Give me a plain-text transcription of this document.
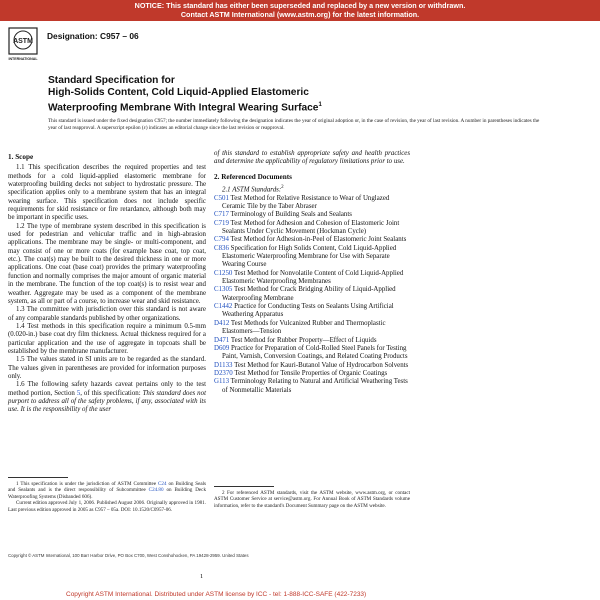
NOTICE: This standard has either been superseded and replaced by a new version or withdrawn.
Contact ASTM International (www.astm.org) for the latest information.
ASTM
INTERNATIONAL
Designation: C957 – 06
Standard Specification for
High-Solids Content, Cold Liquid-Applied Elastomeric
Waterproofing Membrane With Integral Wearing Surface$^1$
This standard is issued under the fixed designation C957; the number immediately following the designation indicates the year of original adoption or, in the case of revision, the year of last revision. A number in parentheses indicates the year of last reapproval. A superscript epsilon (ε) indicates an editorial change since the last revision or reapproval.
1. Scope

1.1 This specification describes the required properties and test methods for a cold liquid-applied elastomeric membrane for waterproofing building decks not subject to hydrostatic pressure. The specification applies only to a membrane system that has an integral wearing surface. This specification does not include specific requirements for skid resistance or fire retardance, although both may be important in specific uses.

1.2 The type of membrane system described in this specification is used for pedestrian and vehicular traffic and in high-abrasion applications. The membrane may be single- or multi-component, and may consist of one or more coats (for example base coat, top coat, etc.). The coat(s) may be built to the desired thickness in one or more applications. One coat (base coat) provides the primary waterproofing function and normally comprises the major amount of organic material in the membrane. The function of the top coat(s) is to resist wear and weather. Aggregate may be used as a component of the membrane system, as all or part of a course, to increase wear and skid resistance.

1.3 The committee with jurisdiction over this standard is not aware of any comparable standards published by other organizations.

1.4 Test methods in this specification require a minimum 0.5-mm (0.020-in.) base coat dry film thickness. Actual thickness required for a particular application and the use of aggregate in topcoats shall be established by the membrane manufacturer.

1.5 The values stated in SI units are to be regarded as the standard. The values given in parentheses are provided for information purposes only.

1.6 The following safety hazards caveat pertains only to the test method portion, Section 5, of this specification: This standard does not purport to address all of the safety problems, if any, associated with its use. It is the responsibility of the user

of this standard to establish appropriate safety and health practices and determine the applicability of regulatory limitations prior to use.

2. Referenced Documents

2.1 ASTM Standards:$^2$

C501 Test Method for Relative Resistance to Wear of Unglazed Ceramic Tile by the Taber Abraser

C717 Terminology of Building Seals and Sealants

C719 Test Method for Adhesion and Cohesion of Elastomeric Joint Sealants Under Cyclic Movement (Hockman Cycle)

C794 Test Method for Adhesion-in-Peel of Elastomeric Joint Sealants

C836 Specification for High Solids Content, Cold Liquid-Applied Elastomeric Waterproofing Membrane for Use with Separate Wearing Course

C1250 Test Method for Nonvolatile Content of Cold Liquid-Applied Elastomeric Waterproofing Membranes

C1305 Test Method for Crack Bridging Ability of Liquid-Applied Waterproofing Membrane

C1442 Practice for Conducting Tests on Sealants Using Artificial Weathering Apparatus

D412 Test Methods for Vulcanized Rubber and Thermoplastic Elastomers—Tension

D471 Test Method for Rubber Property—Effect of Liquids

D609 Practice for Preparation of Cold-Rolled Steel Panels for Testing Paint, Varnish, Conversion Coatings, and Related Coating Products

D1133 Test Method for Kauri-Butanol Value of Hydrocarbon Solvents

D2370 Test Method for Tensile Properties of Organic Coatings

G113 Terminology Relating to Natural and Artificial Weathering Tests of Nonmetallic Materials

1 This specification is under the jurisdiction of ASTM Committee C24 on Building Seals and Sealants and is the direct responsibility of Subcommittee C24.80 on Building Deck Waterproofing Systems (Disbanded 606).

Current edition approved July 1, 2006. Published August 2006. Originally approved in 1981. Last previous edition approved in 2005 as C957 – 05a. DOI: 10.1520/C0957-06.

2 For referenced ASTM standards, visit the ASTM website, www.astm.org, or contact ASTM Customer Service at service@astm.org. For Annual Book of ASTM Standards volume information, refer to the standard's Document Summary page on the ASTM website.

Copyright © ASTM International, 100 Barr Harbor Drive, PO Box C700, West Conshohocken, PA 19428-2959. United States
1
Copyright ASTM International. Distributed under ASTM license by ICC - tel: 1-888-ICC-SAFE (422-7233)
